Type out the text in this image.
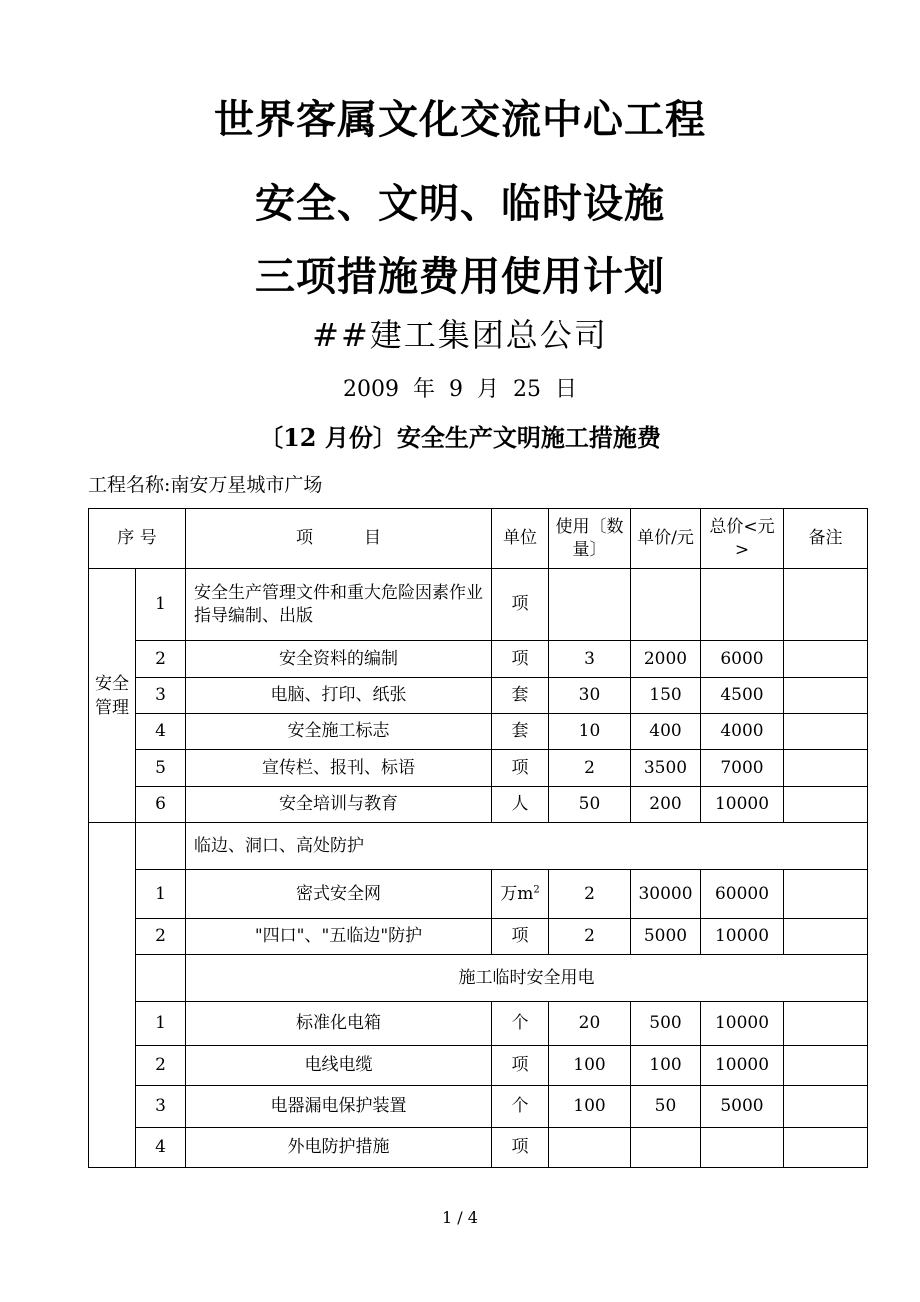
世界客属文化交流中心工程
安全、文明、临时设施
三项措施费用使用计划
##建工集团总公司
2009  年  9  月  25  日
〔12 月份〕安全生产文明施工措施费
工程名称:南安万星城市广场
序 号		项　　　目	单位	使用〔数量〕	单价/元	总价<元>	备注
安全管理	1	安全生产管理文件和重大危险因素作业指导编制、出版	项				
	2	安全资料的编制	项	3	2000	6000	
	3	电脑、打印、纸张	套	30	150	4500	
	4	安全施工标志	套	10	400	4000	
	5	宣传栏、报刊、标语	项	2	3500	7000	
	6	安全培训与教育	人	50	200	10000	
		临边、洞口、高处防护					
	1	密式安全网	万$m^2$	2	30000	60000	
	2	"四口"、"五临边"防护	项	2	5000	10000	
		施工临时安全用电					
	1	标准化电箱	个	20	500	10000	
	2	电线电缆	项	100	100	10000	
	3	电器漏电保护装置	个	100	50	5000	
	4	外电防护措施	项				
1 / 4
